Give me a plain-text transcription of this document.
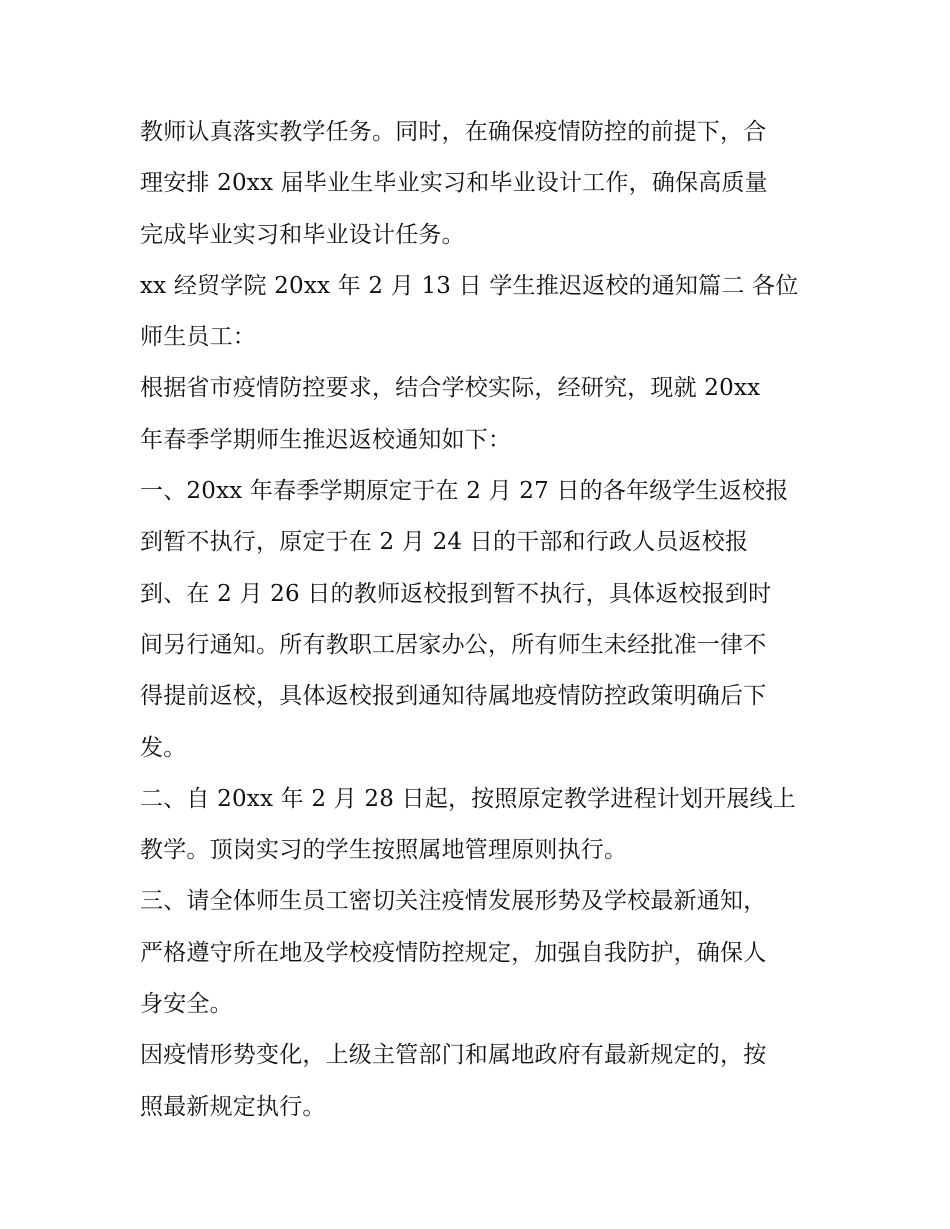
教师认真落实教学任务。同时，在确保疫情防控的前提下，合
理安排 20xx 届毕业生毕业实习和毕业设计工作，确保高质量
完成毕业实习和毕业设计任务。
xx 经贸学院 20xx 年 2 月 13 日 学生推迟返校的通知篇二 各位
师生员工：
根据省市疫情防控要求，结合学校实际，经研究，现就 20xx
年春季学期师生推迟返校通知如下：
一、20xx 年春季学期原定于在 2 月 27 日的各年级学生返校报
到暂不执行，原定于在 2 月 24 日的干部和行政人员返校报
到、在 2 月 26 日的教师返校报到暂不执行，具体返校报到时
间另行通知。所有教职工居家办公，所有师生未经批准一律不
得提前返校，具体返校报到通知待属地疫情防控政策明确后下
发。
二、自 20xx 年 2 月 28 日起，按照原定教学进程计划开展线上
教学。顶岗实习的学生按照属地管理原则执行。
三、请全体师生员工密切关注疫情发展形势及学校最新通知，
严格遵守所在地及学校疫情防控规定，加强自我防护，确保人
身安全。
因疫情形势变化，上级主管部门和属地政府有最新规定的，按
照最新规定执行。
